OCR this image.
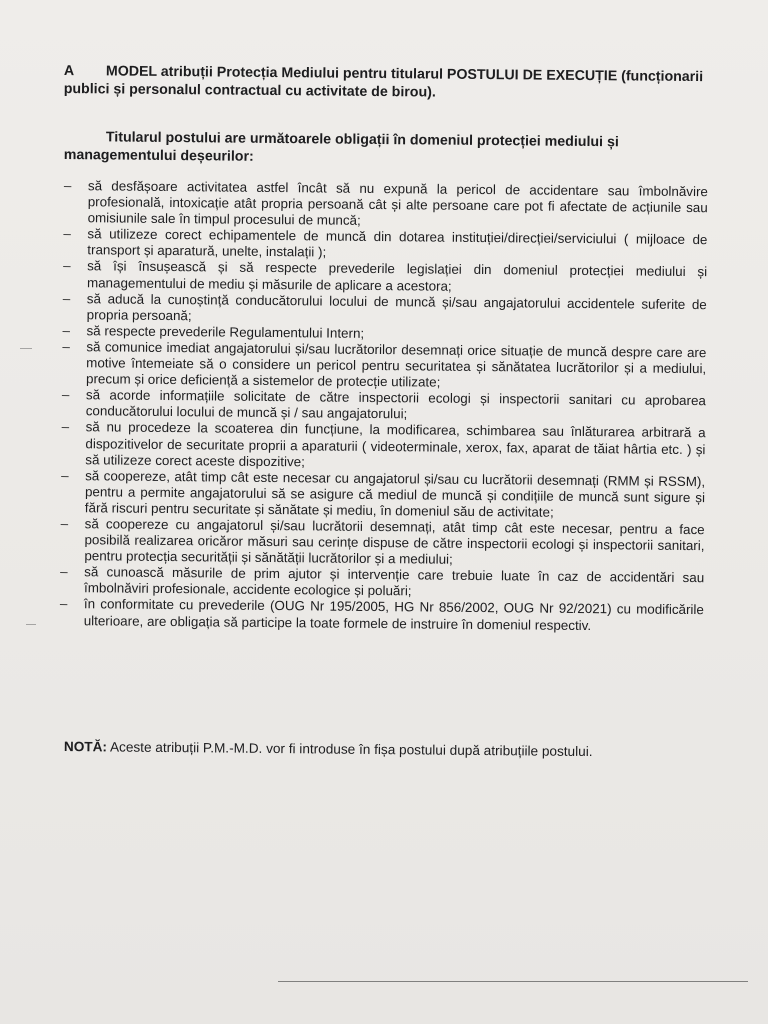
A MODEL atribuții Protecția Mediului pentru titularul POSTULUI DE EXECUȚIE (funcționarii publici și personalul contractual cu activitate de birou).
Titularul postului are următoarele obligații în domeniul protecției mediului și managementului deșeurilor:
–	să desfășoare activitatea astfel încât să nu expună la pericol de accidentare sau îmbolnăvire profesională, intoxicație atât propria persoană cât și alte persoane care pot fi afectate de acțiunile sau omisiunile sale în timpul procesului de muncă;
–	să utilizeze corect echipamentele de muncă din dotarea instituției/direcției/serviciului ( mijloace de transport și aparatură, unelte, instalații );
–	să își însușească și să respecte prevederile legislației din domeniul protecției mediului și managementului de mediu și măsurile de aplicare a acestora;
–	să aducă la cunoștință conducătorului locului de muncă și/sau angajatorului accidentele suferite de propria persoană;
–	să respecte prevederile Regulamentului Intern;
–	să comunice imediat angajatorului și/sau lucrătorilor desemnați orice situație de muncă despre care are motive întemeiate să o considere un pericol pentru securitatea și sănătatea lucrătorilor și a mediului, precum și orice deficiență a sistemelor de protecție utilizate;
–	să acorde informațiile solicitate de către inspectorii ecologi și inspectorii sanitari cu aprobarea conducătorului locului de muncă și / sau angajatorului;
–	să nu procedeze la scoaterea din funcțiune, la modificarea, schimbarea sau înlăturarea arbitrară a dispozitivelor de securitate proprii a aparaturii ( videoterminale, xerox, fax, aparat de tăiat hârtia etc. ) și să utilizeze corect aceste dispozitive;
–	să coopereze, atât timp cât este necesar cu angajatorul și/sau cu lucrătorii desemnați (RMM și RSSM), pentru a permite angajatorului să se asigure că mediul de muncă și condițiile de muncă sunt sigure și fără riscuri pentru securitate și sănătate și mediu, în domeniul său de activitate;
–	să coopereze cu angajatorul și/sau lucrătorii desemnați, atât timp cât este necesar, pentru a face posibilă realizarea oricăror măsuri sau cerințe dispuse de către inspectorii ecologi și inspectorii sanitari, pentru protecția securității și sănătății lucrătorilor și a mediului;
–	să cunoască măsurile de prim ajutor și intervenție care trebuie luate în caz de accidentări sau îmbolnăviri profesionale, accidente ecologice și poluări;
–	în conformitate cu prevederile (OUG Nr 195/2005, HG Nr 856/2002, OUG Nr 92/2021) cu modificările ulterioare, are obligația să participe la toate formele de instruire în domeniul respectiv.
NOTĂ: Aceste atribuții P.M.-M.D. vor fi introduse în fișa postului după atribuțiile postului.
